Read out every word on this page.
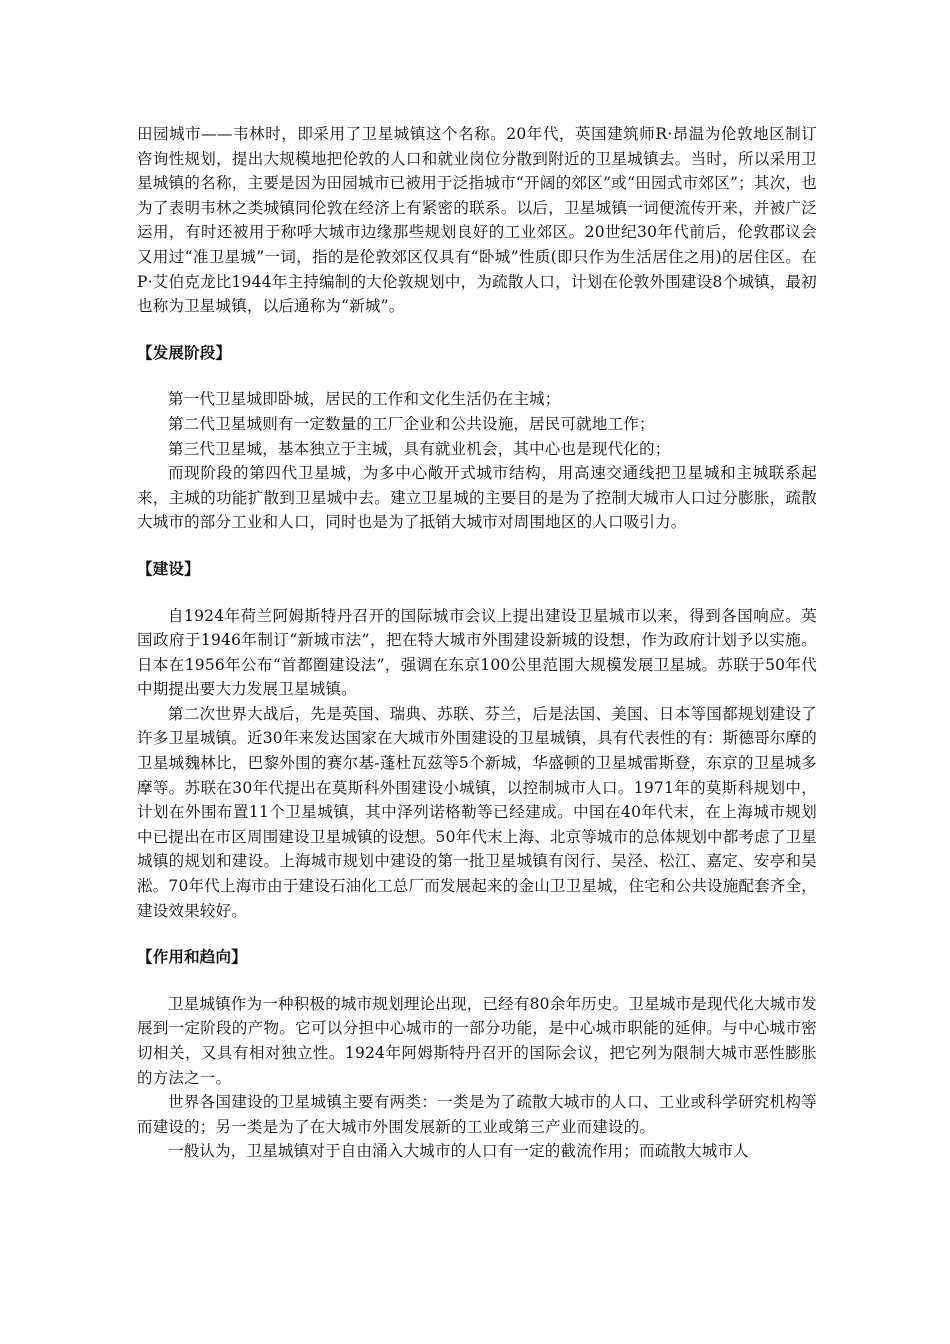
田园城市——韦林时，即采用了卫星城镇这个名称。20年代，英国建筑师R·昂温为伦敦地区制订咨询性规划，提出大规模地把伦敦的人口和就业岗位分散到附近的卫星城镇去。当时，所以采用卫星城镇的名称，主要是因为田园城市已被用于泛指城市“开阔的郊区”或“田园式市郊区”；其次，也为了表明韦林之类城镇同伦敦在经济上有紧密的联系。以后，卫星城镇一词便流传开来，并被广泛运用，有时还被用于称呼大城市边缘那些规划良好的工业郊区。20世纪30年代前后，伦敦郡议会又用过“准卫星城”一词，指的是伦敦郊区仅具有“卧城”性质(即只作为生活居住之用)的居住区。在P·艾伯克龙比1944年主持编制的大伦敦规划中，为疏散人口，计划在伦敦外围建设8个城镇，最初也称为卫星城镇，以后通称为“新城”。

【发展阶段】

第一代卫星城即卧城，居民的工作和文化生活仍在主城；

第二代卫星城则有一定数量的工厂企业和公共设施，居民可就地工作；

第三代卫星城，基本独立于主城，具有就业机会，其中心也是现代化的；

而现阶段的第四代卫星城，为多中心敞开式城市结构，用高速交通线把卫星城和主城联系起来，主城的功能扩散到卫星城中去。建立卫星城的主要目的是为了控制大城市人口过分膨胀，疏散大城市的部分工业和人口，同时也是为了抵销大城市对周围地区的人口吸引力。

【建设】

自1924年荷兰阿姆斯特丹召开的国际城市会议上提出建设卫星城市以来，得到各国响应。英国政府于1946年制订“新城市法”，把在特大城市外围建设新城的设想，作为政府计划予以实施。日本在1956年公布“首都圈建设法”，强调在东京100公里范围大规模发展卫星城。苏联于50年代中期提出要大力发展卫星城镇。

第二次世界大战后，先是英国、瑞典、苏联、芬兰，后是法国、美国、日本等国都规划建设了许多卫星城镇。近30年来发达国家在大城市外围建设的卫星城镇，具有代表性的有：斯德哥尔摩的卫星城魏林比，巴黎外围的赛尔基-蓬杜瓦兹等5个新城，华盛顿的卫星城雷斯登，东京的卫星城多摩等。苏联在30年代提出在莫斯科外围建设小城镇，以控制城市人口。1971年的莫斯科规划中，计划在外围布置11个卫星城镇，其中泽列诺格勒等已经建成。中国在40年代末，在上海城市规划中已提出在市区周围建设卫星城镇的设想。50年代末上海、北京等城市的总体规划中都考虑了卫星城镇的规划和建设。上海城市规划中建设的第一批卫星城镇有闵行、吴泾、松江、嘉定、安亭和吴淞。70年代上海市由于建设石油化工总厂而发展起来的金山卫卫星城，住宅和公共设施配套齐全，建设效果较好。

【作用和趋向】

卫星城镇作为一种积极的城市规划理论出现，已经有80余年历史。卫星城市是现代化大城市发展到一定阶段的产物。它可以分担中心城市的一部分功能，是中心城市职能的延伸。与中心城市密切相关，又具有相对独立性。1924年阿姆斯特丹召开的国际会议，把它列为限制大城市恶性膨胀的方法之一。

世界各国建设的卫星城镇主要有两类：一类是为了疏散大城市的人口、工业或科学研究机构等而建设的；另一类是为了在大城市外围发展新的工业或第三产业而建设的。

一般认为，卫星城镇对于自由涌入大城市的人口有一定的截流作用；而疏散大城市人
